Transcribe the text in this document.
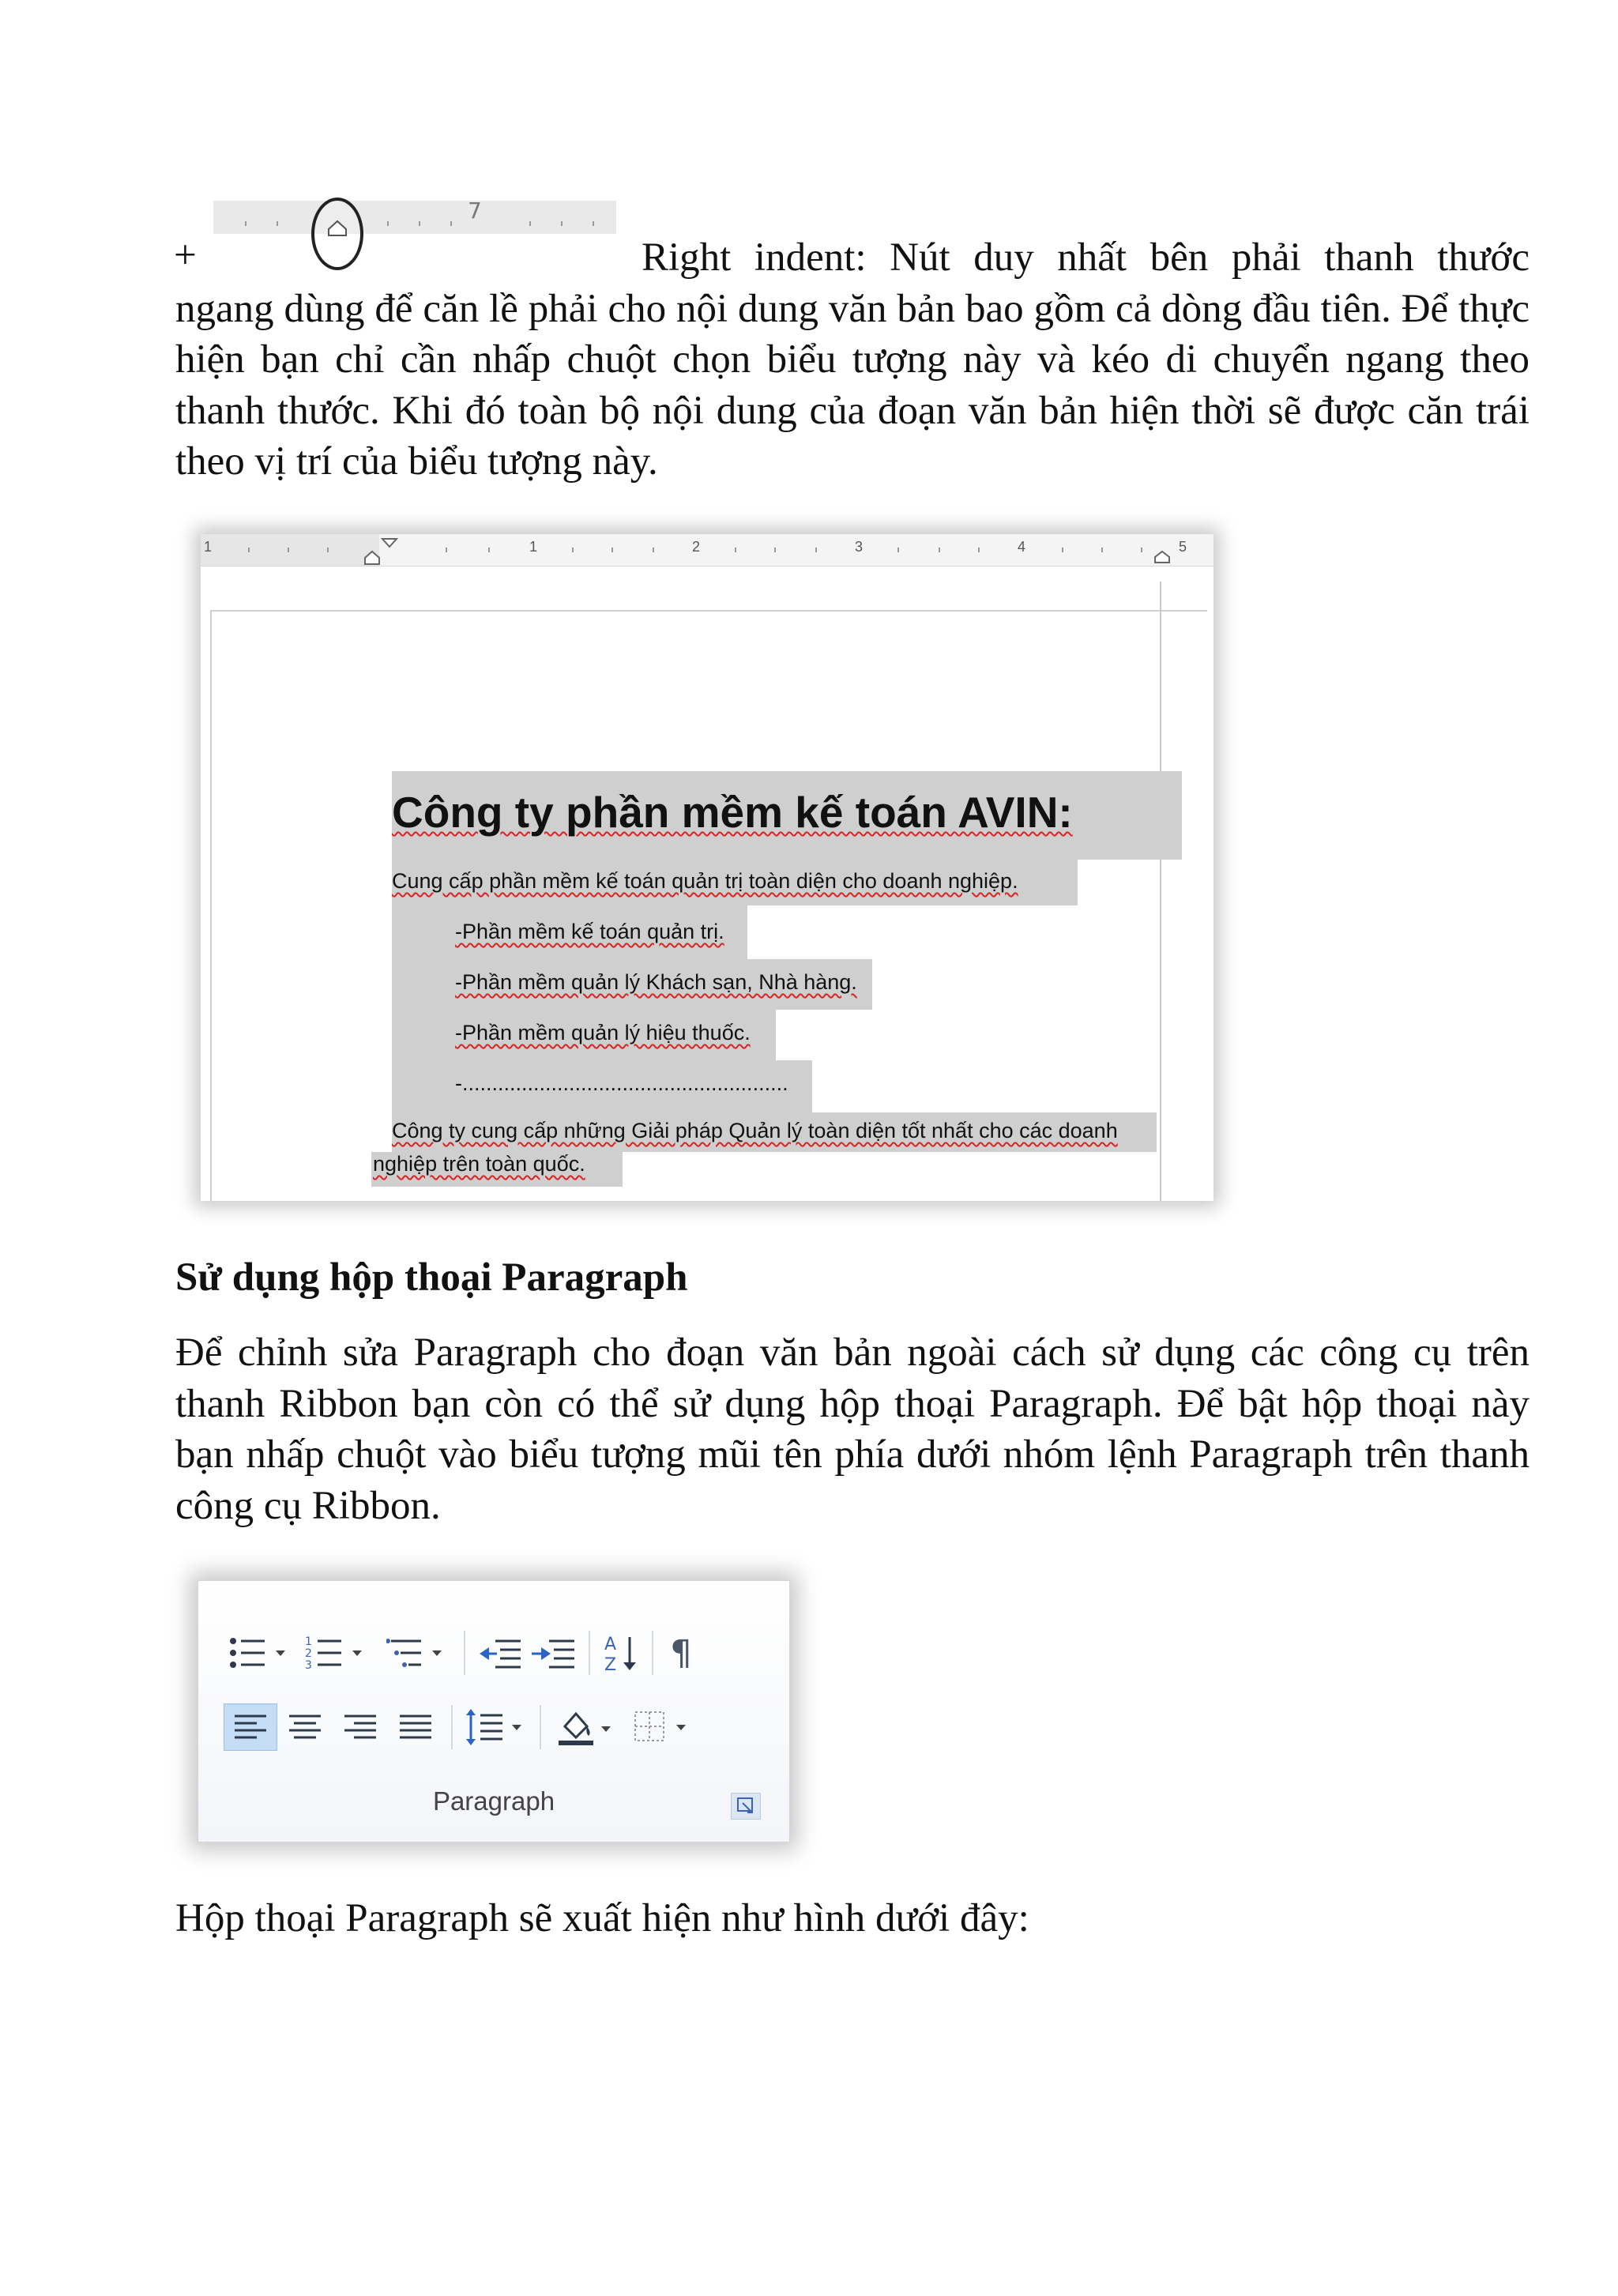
7
+	Right indent: Nút duy nhất bên phải thanh thước ngang dùng để căn lề phải cho nội dung văn bản bao gồm cả dòng đầu tiên. Để thực hiện bạn chỉ cần nhấp chuột chọn biểu tượng này và kéo di chuyển ngang theo thanh thước. Khi đó toàn bộ nội dung của đoạn văn bản hiện thời sẽ được căn trái theo vị trí của biểu tượng này.

1	1	2	3	4	5
Công ty phần mềm kế toán AVIN:
Cung cấp phần mềm kế toán quản trị toàn diện cho doanh nghiệp.
-Phần mềm kế toán quản trị.
-Phần mềm quản lý Khách sạn, Nhà hàng.
-Phần mềm quản lý hiệu thuốc.
-.......................................................
Công ty cung cấp những Giải pháp Quản lý toàn diện tốt nhất cho các doanh
nghiệp trên toàn quốc.

Sử dụng hộp thoại Paragraph

Để chỉnh sửa Paragraph cho đoạn văn bản ngoài cách sử dụng các công cụ trên thanh Ribbon bạn còn có thể sử dụng hộp thoại Paragraph. Để bật hộp thoại này bạn nhấp chuột vào biểu tượng mũi tên phía dưới nhóm lệnh Paragraph trên thanh công cụ Ribbon.

1
2
3
A
Z ¶
Paragraph

Hộp thoại Paragraph sẽ xuất hiện như hình dưới đây:
